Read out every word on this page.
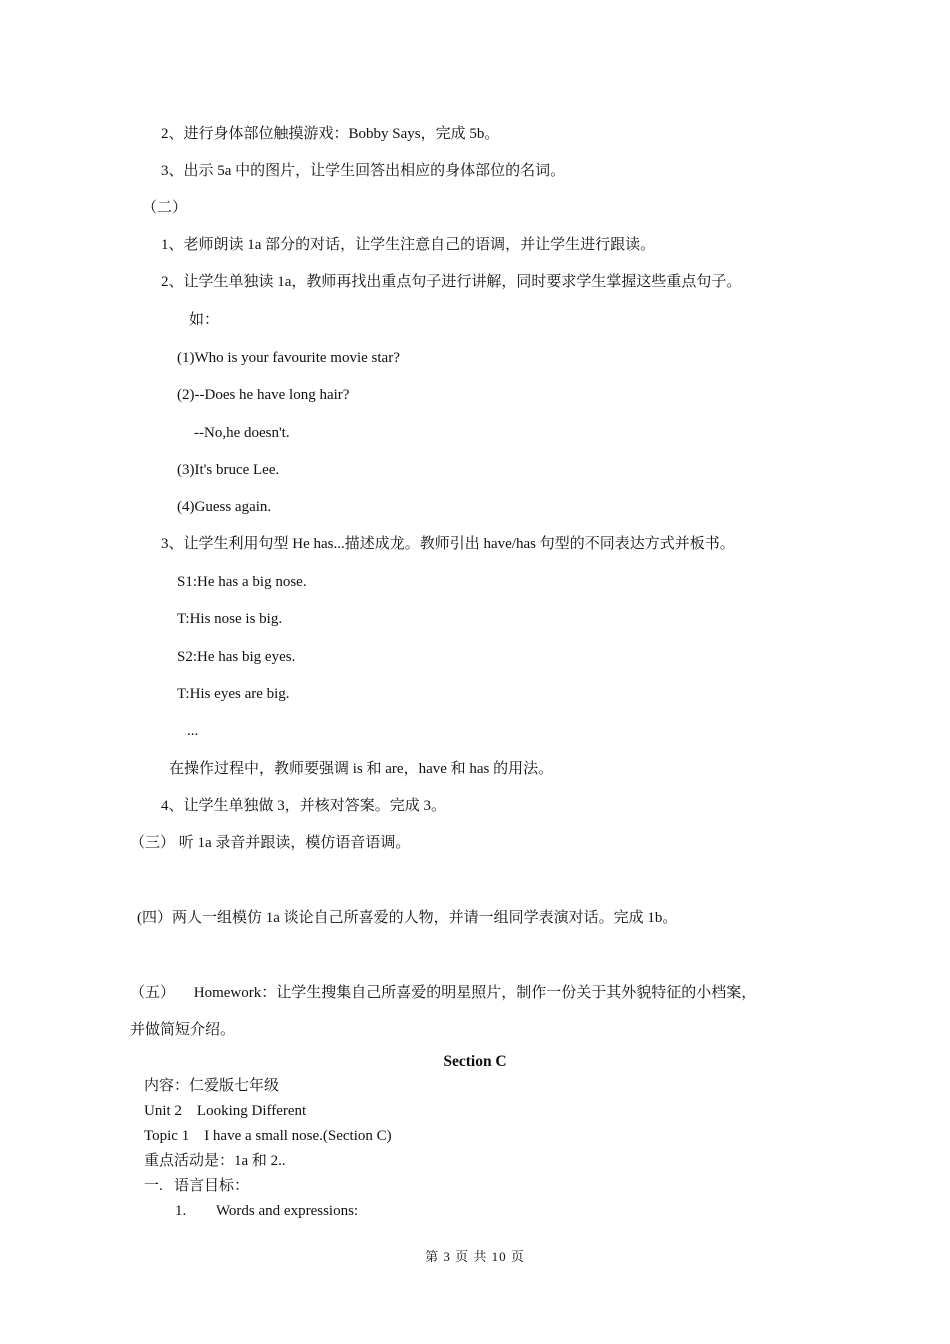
2、进行身体部位触摸游戏：Bobby Says，完成 5b。
3、出示 5a 中的图片，让学生回答出相应的身体部位的名词。
（二）
1、老师朗读 1a 部分的对话，让学生注意自己的语调，并让学生进行跟读。
2、让学生单独读 1a，教师再找出重点句子进行讲解，同时要求学生掌握这些重点句子。
如：
(1)Who is your favourite movie star?
(2)--Does he have long hair?
--No,he doesn't.
(3)It's bruce Lee.
(4)Guess again.
3、让学生利用句型 He has...描述成龙。教师引出 have/has 句型的不同表达方式并板书。
S1:He has a big nose.
T:His nose is big.
S2:He has big eyes.
T:His eyes are big.
...
在操作过程中，教师要强调 is 和 are，have 和 has 的用法。
4、让学生单独做 3，并核对答案。完成 3。
（三） 听 1a 录音并跟读，模仿语音语调。
(四）两人一组模仿 1a 谈论自己所喜爱的人物，并请一组同学表演对话。完成 1b。
（五）     Homework：让学生搜集自己所喜爱的明星照片，制作一份关于其外貌特征的小档案，
并做简短介绍。
Section C
内容：仁爱版七年级
Unit 2    Looking Different
Topic 1    I have a small nose.(Section C)
重点活动是：1a 和 2..
一.   语言目标：
1.        Words and expressions:
第 3 页 共 10 页
